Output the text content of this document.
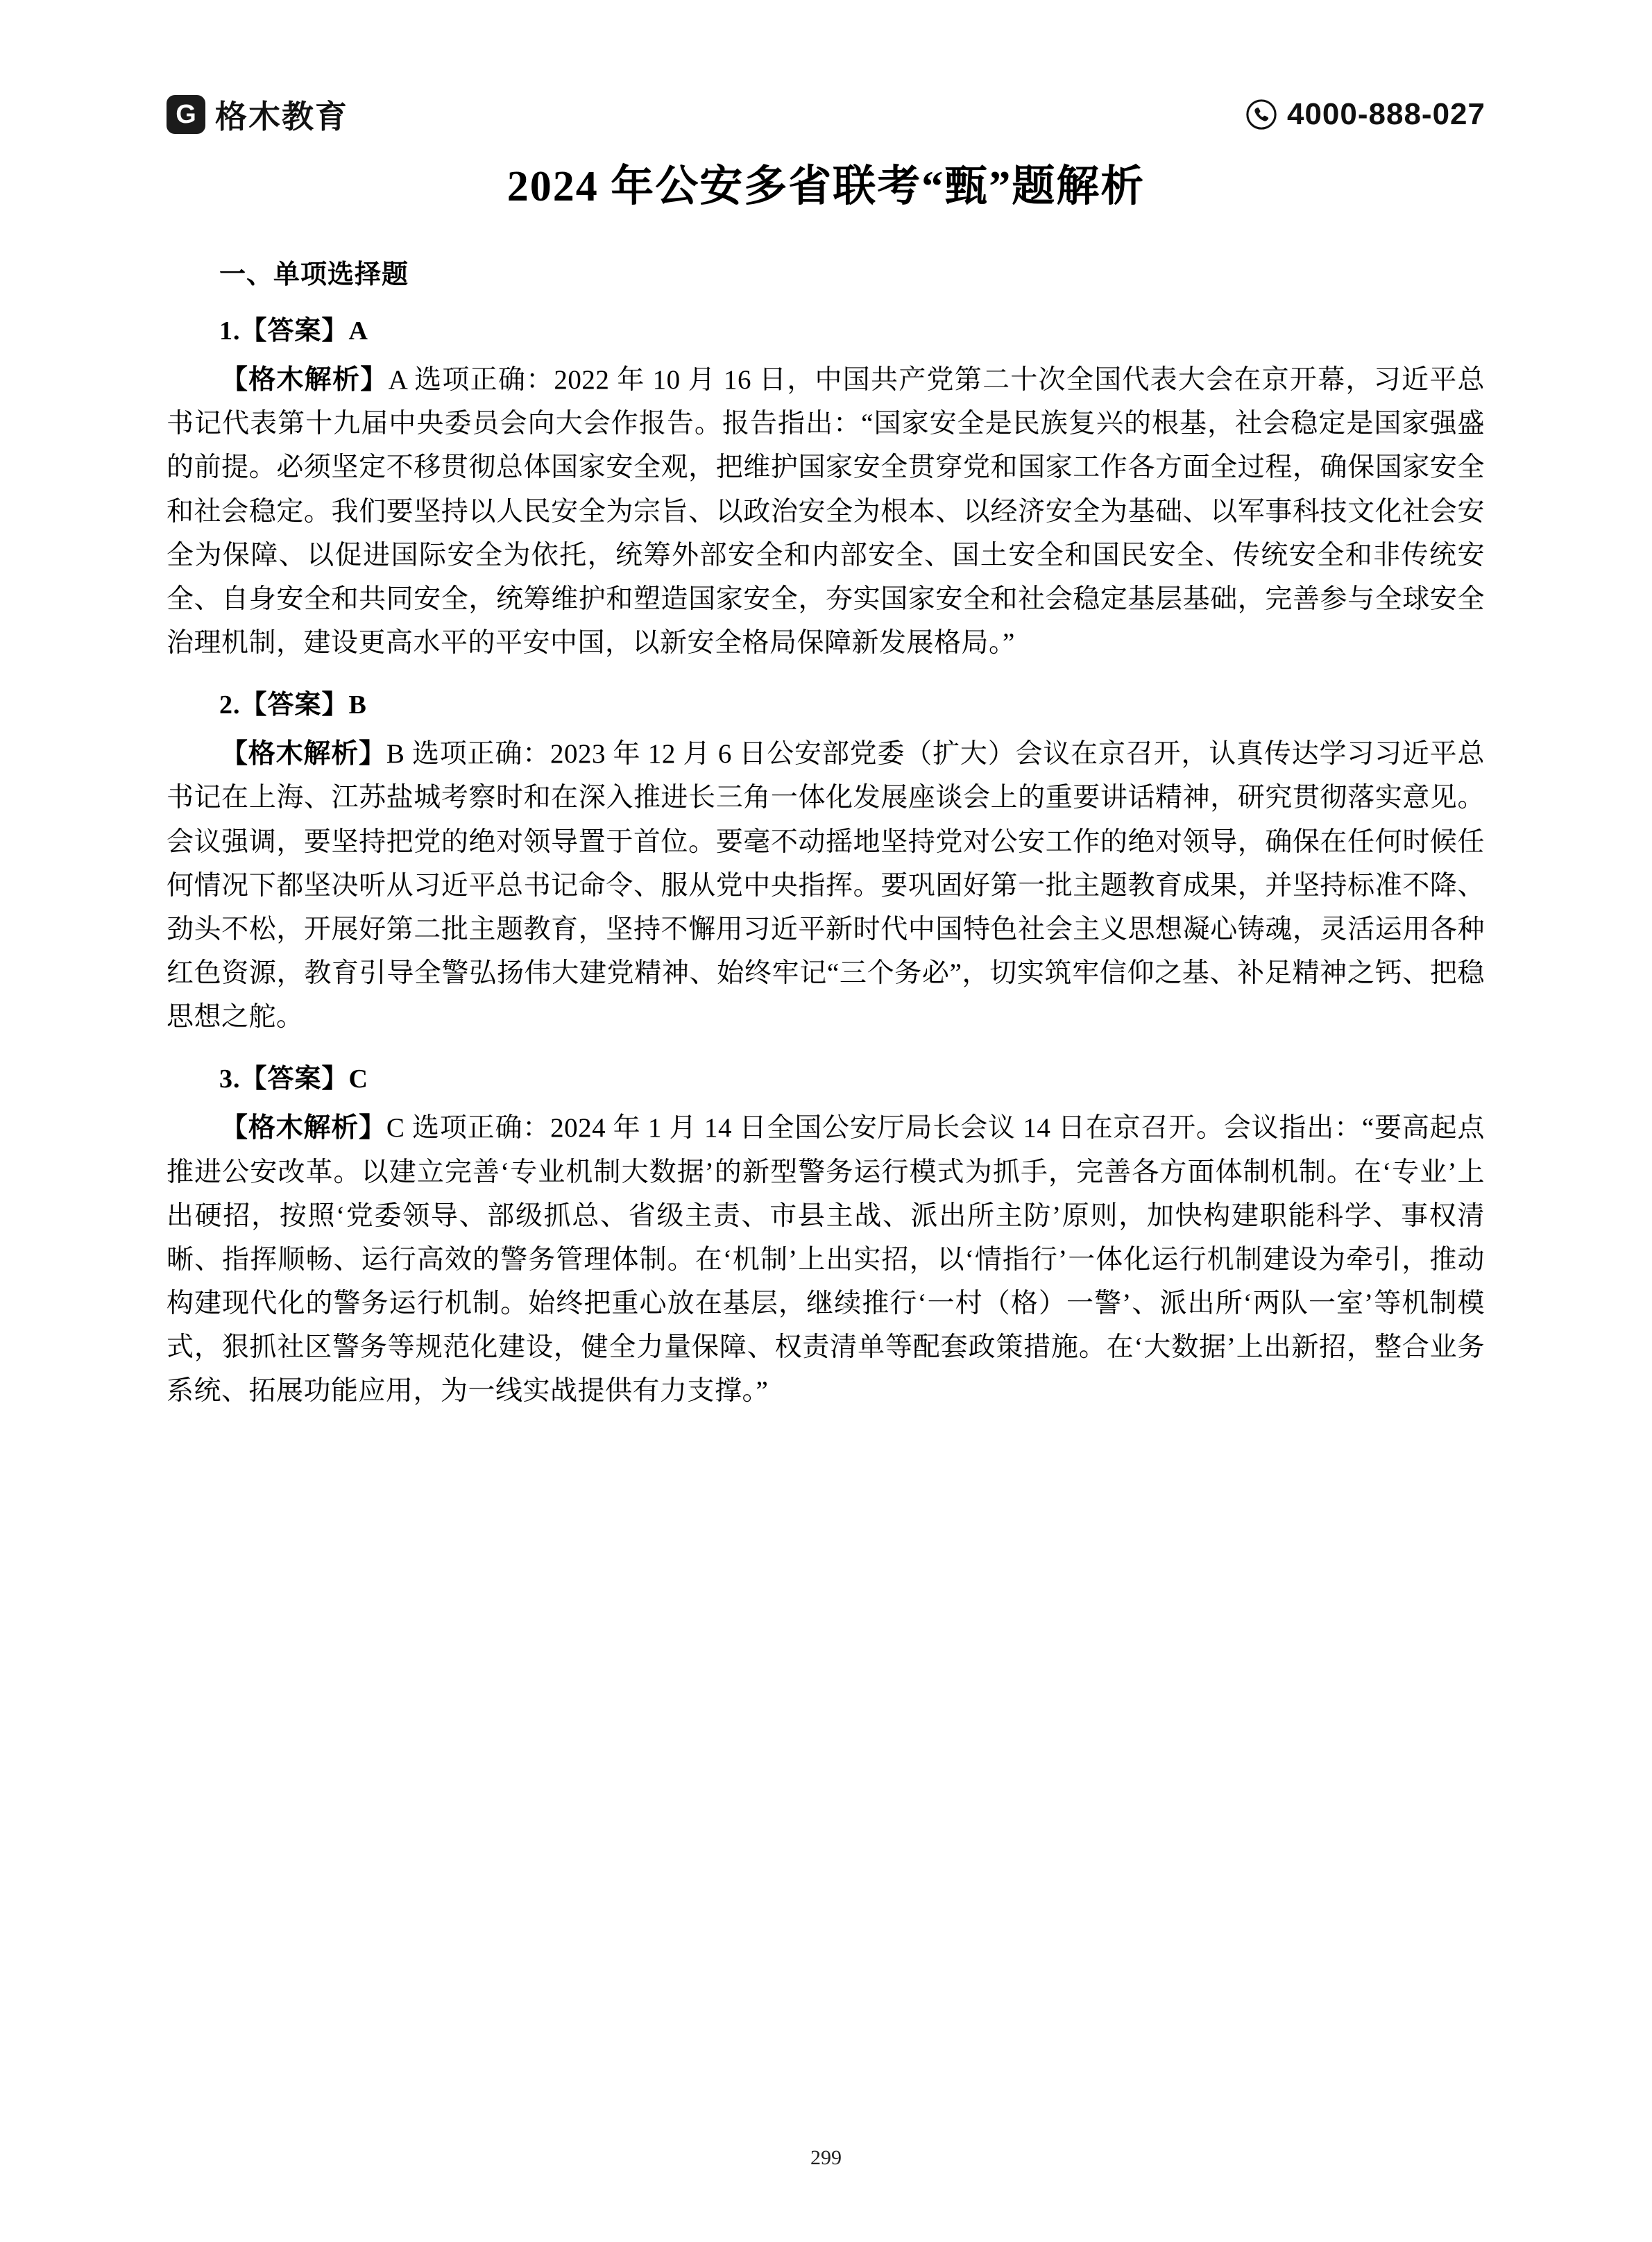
G 格木教育	4000-888-027
2024 年公安多省联考“甄”题解析
一、单项选择题
1.【答案】A

【格木解析】A 选项正确：2022 年 10 月 16 日，中国共产党第二十次全国代表大会在京开幕，习近平总书记代表第十九届中央委员会向大会作报告。报告指出：“国家安全是民族复兴的根基，社会稳定是国家强盛的前提。必须坚定不移贯彻总体国家安全观，把维护国家安全贯穿党和国家工作各方面全过程，确保国家安全和社会稳定。我们要坚持以人民安全为宗旨、以政治安全为根本、以经济安全为基础、以军事科技文化社会安全为保障、以促进国际安全为依托，统筹外部安全和内部安全、国土安全和国民安全、传统安全和非传统安全、自身安全和共同安全，统筹维护和塑造国家安全，夯实国家安全和社会稳定基层基础，完善参与全球安全治理机制，建设更高水平的平安中国，以新安全格局保障新发展格局。”

2.【答案】B

【格木解析】B 选项正确：2023 年 12 月 6 日公安部党委（扩大）会议在京召开，认真传达学习习近平总书记在上海、江苏盐城考察时和在深入推进长三角一体化发展座谈会上的重要讲话精神，研究贯彻落实意见。会议强调，要坚持把党的绝对领导置于首位。要毫不动摇地坚持党对公安工作的绝对领导，确保在任何时候任何情况下都坚决听从习近平总书记命令、服从党中央指挥。要巩固好第一批主题教育成果，并坚持标准不降、劲头不松，开展好第二批主题教育，坚持不懈用习近平新时代中国特色社会主义思想凝心铸魂，灵活运用各种红色资源，教育引导全警弘扬伟大建党精神、始终牢记“三个务必”，切实筑牢信仰之基、补足精神之钙、把稳思想之舵。

3.【答案】C

【格木解析】C 选项正确：2024 年 1 月 14 日全国公安厅局长会议 14 日在京召开。会议指出：“要高起点推进公安改革。以建立完善‘专业机制大数据’的新型警务运行模式为抓手，完善各方面体制机制。在‘专业’上出硬招，按照‘党委领导、部级抓总、省级主责、市县主战、派出所主防’原则，加快构建职能科学、事权清晰、指挥顺畅、运行高效的警务管理体制。在‘机制’上出实招，以‘情指行’一体化运行机制建设为牵引，推动构建现代化的警务运行机制。始终把重心放在基层，继续推行‘一村（格）一警’、派出所‘两队一室’等机制模式，狠抓社区警务等规范化建设，健全力量保障、权责清单等配套政策措施。在‘大数据’上出新招，整合业务系统、拓展功能应用，为一线实战提供有力支撑。”

299
